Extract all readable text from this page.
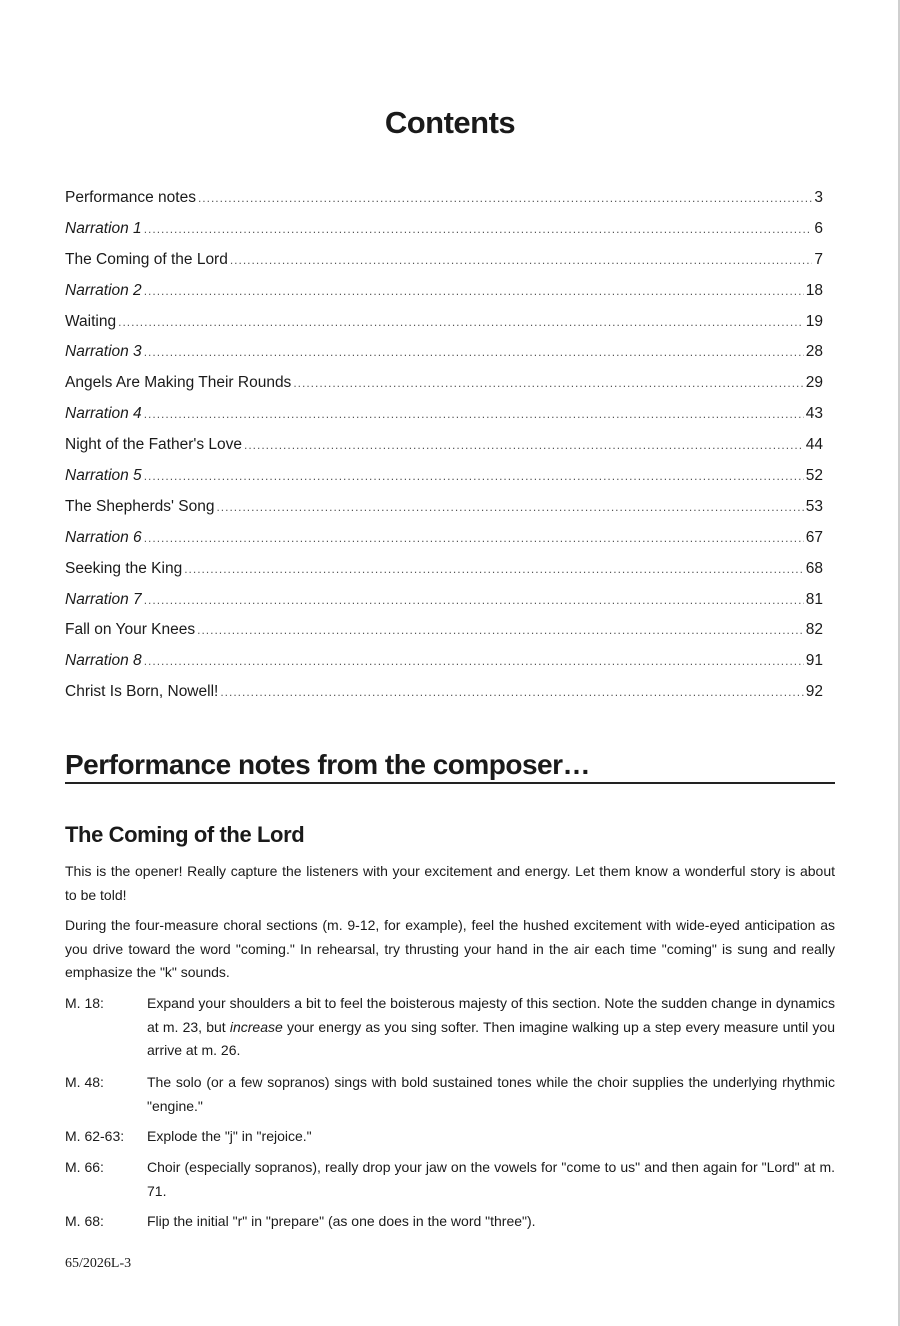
Contents
Performance notes .....	3
Narration 1 .....	6
The Coming of the Lord .....	7
Narration 2 .....	18
Waiting .....	19
Narration 3 .....	28
Angels Are Making Their Rounds .....	29
Narration 4 .....	43
Night of the Father's Love .....	44
Narration 5 .....	52
The Shepherds' Song .....	53
Narration 6 .....	67
Seeking the King .....	68
Narration 7 .....	81
Fall on Your Knees .....	82
Narration 8 .....	91
Christ Is Born, Nowell! .....	92
Performance notes from the composer…
The Coming of the Lord
This is the opener! Really capture the listeners with your excitement and energy. Let them know a wonderful story is about to be told!
During the four-measure choral sections (m. 9-12, for example), feel the hushed excitement with wide-eyed anticipation as you drive toward the word "coming." In rehearsal, try thrusting your hand in the air each time "coming" is sung and really emphasize the "k" sounds.
M. 18:	Expand your shoulders a bit to feel the boisterous majesty of this section. Note the sudden change in dynamics at m. 23, but increase your energy as you sing softer. Then imagine walking up a step every measure until you arrive at m. 26.
M. 48:	The solo (or a few sopranos) sings with bold sustained tones while the choir supplies the underlying rhythmic "engine."
M. 62-63:	Explode the "j" in "rejoice."
M. 66:	Choir (especially sopranos), really drop your jaw on the vowels for "come to us" and then again for "Lord" at m. 71.
M. 68:	Flip the initial "r" in "prepare" (as one does in the word "three").
65/2026L-3
